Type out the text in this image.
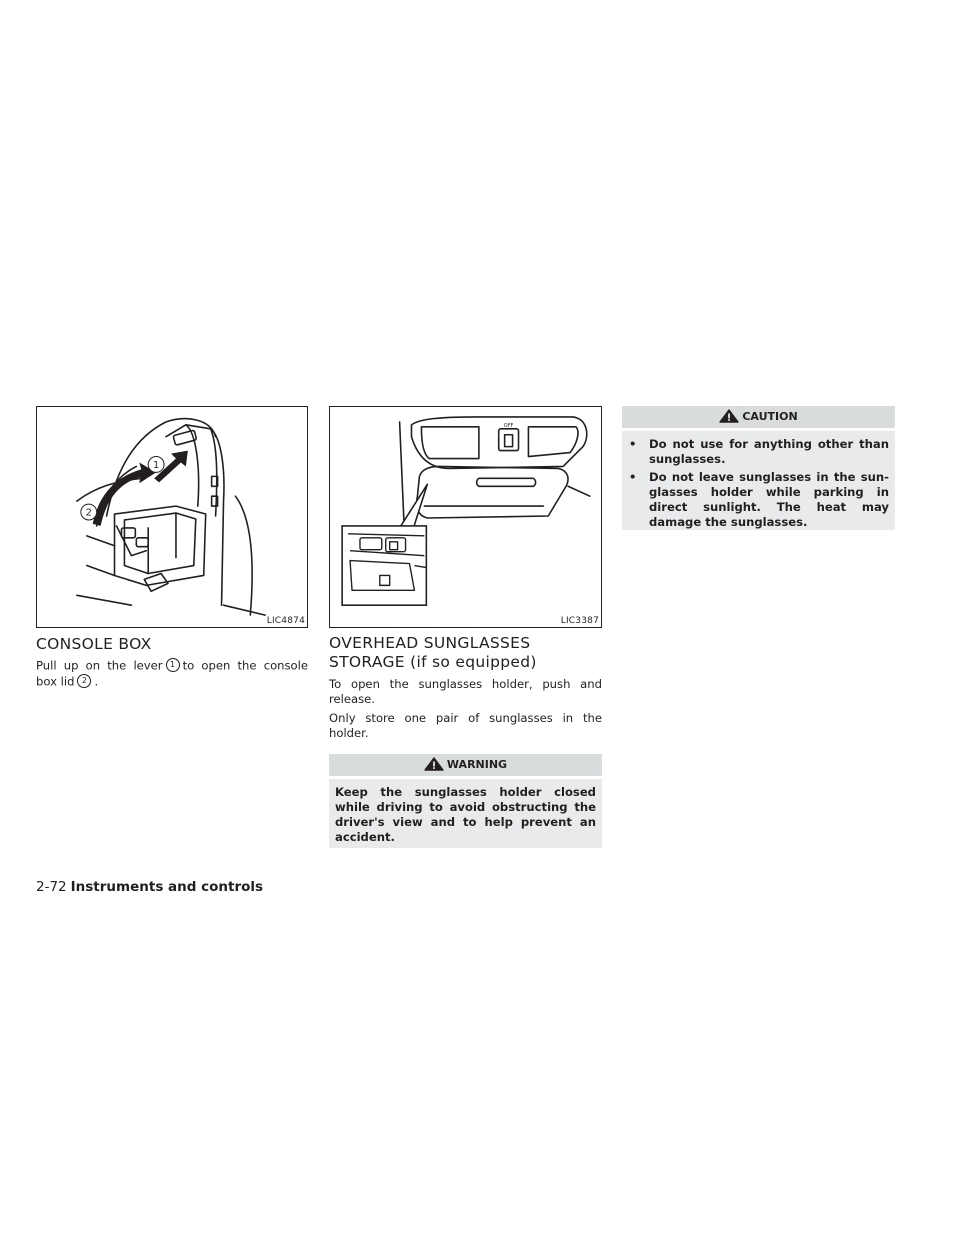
1
2
LIC4874
OFF
LIC3387
CONSOLE BOX

Pull up on the lever 1 to open the console box lid 2 .

OVERHEAD SUNGLASSES
STORAGE (if so equipped)

To open the sunglasses holder, push and release.

Only store one pair of sunglasses in the holder.

WARNING
Keep the sunglasses holder closed while driving to avoid obstructing the driver's view and to help prevent an accident.
CAUTION
• Do not use for anything other than sunglasses.
• Do not leave sunglasses in the sun-glasses holder while parking in direct sunlight. The heat may damage the sunglasses.
2-72 Instruments and controls
